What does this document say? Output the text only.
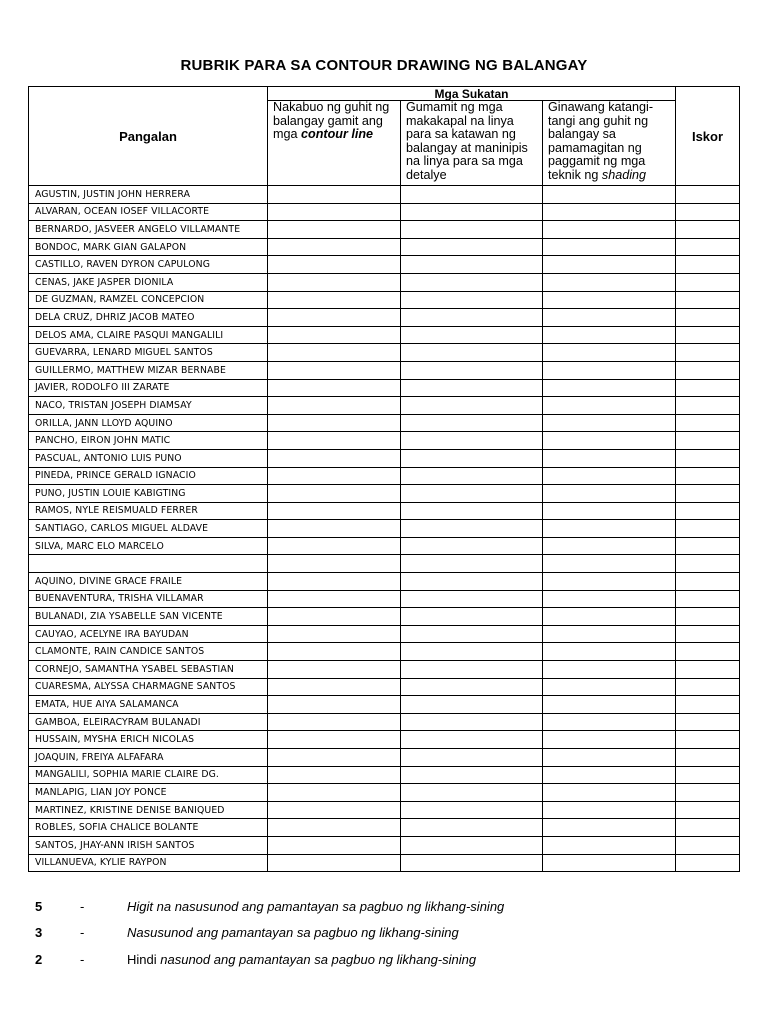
RUBRIK PARA SA CONTOUR DRAWING NG BALANGAY
Pangalan	Mga Sukatan			Iskor
	Nakabuo ng guhit ng balangay gamit ang mga contour line	Gumamit ng mga makakapal na linya para sa katawan ng balangay at maninipis na linya para sa mga detalye	Ginawang katangi-tangi ang guhit ng balangay sa pamamagitan ng paggamit ng mga teknik ng shading	
AGUSTIN, JUSTIN JOHN HERRERA				
ALVARAN, OCEAN IOSEF VILLACORTE				
BERNARDO, JASVEER ANGELO VILLAMANTE				
BONDOC, MARK GIAN GALAPON				
CASTILLO, RAVEN DYRON CAPULONG				
CENAS, JAKE JASPER DIONILA				
DE GUZMAN, RAMZEL CONCEPCION				
DELA CRUZ, DHRIZ JACOB MATEO				
DELOS AMA, CLAIRE PASQUI MANGALILI				
GUEVARRA, LENARD MIGUEL SANTOS				
GUILLERMO, MATTHEW MIZAR BERNABE				
JAVIER, RODOLFO III ZARATE				
NACO, TRISTAN JOSEPH DIAMSAY				
ORILLA, JANN LLOYD AQUINO				
PANCHO, EIRON JOHN MATIC				
PASCUAL, ANTONIO LUIS PUNO				
PINEDA, PRINCE GERALD IGNACIO				
PUNO, JUSTIN LOUIE KABIGTING				
RAMOS, NYLE REISMUALD FERRER				
SANTIAGO, CARLOS MIGUEL ALDAVE				
SILVA, MARC ELO MARCELO				

AQUINO, DIVINE GRACE FRAILE				
BUENAVENTURA, TRISHA VILLAMAR				
BULANADI, ZIA YSABELLE SAN VICENTE				
CAUYAO, ACELYNE IRA BAYUDAN				
CLAMONTE, RAIN CANDICE SANTOS				
CORNEJO, SAMANTHA YSABEL SEBASTIAN				
CUARESMA, ALYSSA CHARMAGNE SANTOS				
EMATA, HUE AIYA SALAMANCA				
GAMBOA, ELEIRACYRAM BULANADI				
HUSSAIN, MYSHA ERICH NICOLAS				
JOAQUIN, FREIYA ALFAFARA				
MANGALILI, SOPHIA MARIE CLAIRE DG.				
MANLAPIG, LIAN JOY PONCE				
MARTINEZ, KRISTINE DENISE BANIQUED				
ROBLES, SOFIA CHALICE BOLANTE				
SANTOS, JHAY-ANN IRISH SANTOS				
VILLANUEVA, KYLIE RAYPON				
5	-	Higit na nasusunod ang pamantayan sa pagbuo ng likhang-sining
3	-	Nasusunod ang pamantayan sa pagbuo ng likhang-sining
2	-	Hindi nasunod ang pamantayan sa pagbuo ng likhang-sining
